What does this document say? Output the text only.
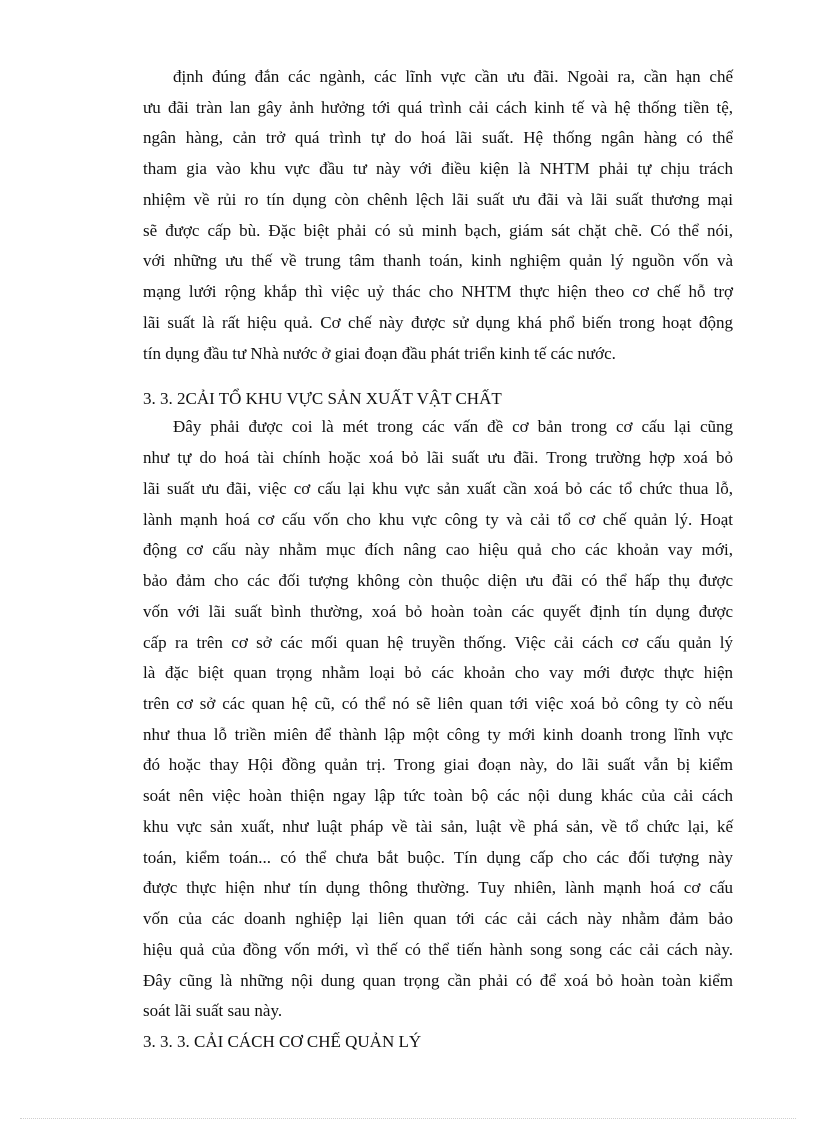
định đúng đắn các ngành, các lĩnh vực cần ưu đãi. Ngoài ra, cần hạn chế
ưu đãi tràn lan gây ảnh hưởng tới quá trình cải cách kinh tế và hệ thống tiền tệ,
ngân hàng, cản trở quá trình tự do hoá lãi suất. Hệ thống ngân hàng có thể
tham gia vào khu vực đầu tư này với điều kiện là NHTM phải tự chịu trách
nhiệm về rủi ro tín dụng còn chênh lệch lãi suất ưu đãi và lãi suất thương mại
sẽ được cấp bù. Đặc biệt phải có sủ minh bạch, giám sát chặt chẽ. Có thể nói,
với những ưu thế về trung tâm thanh toán, kinh nghiệm quản lý nguồn vốn và
mạng lưới rộng khắp thì việc uỷ thác cho NHTM thực hiện theo cơ chế hỗ trợ
lãi suất là rất hiệu quả. Cơ chế này được sử dụng khá phổ biến trong hoạt động
tín dụng đầu tư Nhà nước ở giai đoạn đầu phát triển kinh tế các nước.
3. 3. 2CẢI TỔ KHU VỰC SẢN XUẤT VẬT CHẤT
Đây phải được coi là mét trong các vấn đề cơ bản trong cơ cấu lại cũng
như tự do hoá tài chính hoặc xoá bỏ lãi suất ưu đãi. Trong trường hợp xoá bỏ
lãi suất ưu đãi, việc cơ cấu lại khu vực sản xuất cần xoá bỏ các tổ chức thua lỗ,
lành mạnh hoá cơ cấu vốn cho khu vực công ty và cải tổ cơ chế quản lý. Hoạt
động cơ cấu này nhằm mục đích nâng cao hiệu quả cho các khoản vay mới,
bảo đảm cho các đối tượng không còn thuộc diện ưu đãi có thể hấp thụ được
vốn với lãi suất bình thường, xoá bỏ hoàn toàn các quyết định tín dụng được
cấp ra trên cơ sở các mối quan hệ truyền thống. Việc cải cách cơ cấu quản lý
là đặc biệt quan trọng nhằm loại bỏ các khoản cho vay mới được thực hiện
trên cơ sở các quan hệ cũ, có thể nó sẽ liên quan tới việc xoá bỏ công ty cò nếu
như thua lỗ triền miên để thành lập một công ty mới kinh doanh trong lĩnh vực
đó hoặc thay Hội đồng quản trị. Trong giai đoạn này, do lãi suất vẫn bị kiểm
soát nên việc hoàn thiện ngay lập tức toàn bộ các nội dung khác của cải cách
khu vực sản xuất, như luật pháp về tài sản, luật về phá sản, về tổ chức lại, kế
toán, kiểm toán... có thể chưa bắt buộc. Tín dụng cấp cho các đối tượng này
được thực hiện như tín dụng thông thường. Tuy nhiên, lành mạnh hoá cơ cấu
vốn của các doanh nghiệp lại liên quan tới các cải cách này nhằm đảm bảo
hiệu quả của đồng vốn mới, vì thế có thể tiến hành song song các cải cách này.
Đây cũng là những nội dung quan trọng cần phải có để xoá bỏ hoàn toàn kiểm
soát lãi suất sau này.
3. 3. 3. CẢI CÁCH CƠ CHẾ QUẢN LÝ
